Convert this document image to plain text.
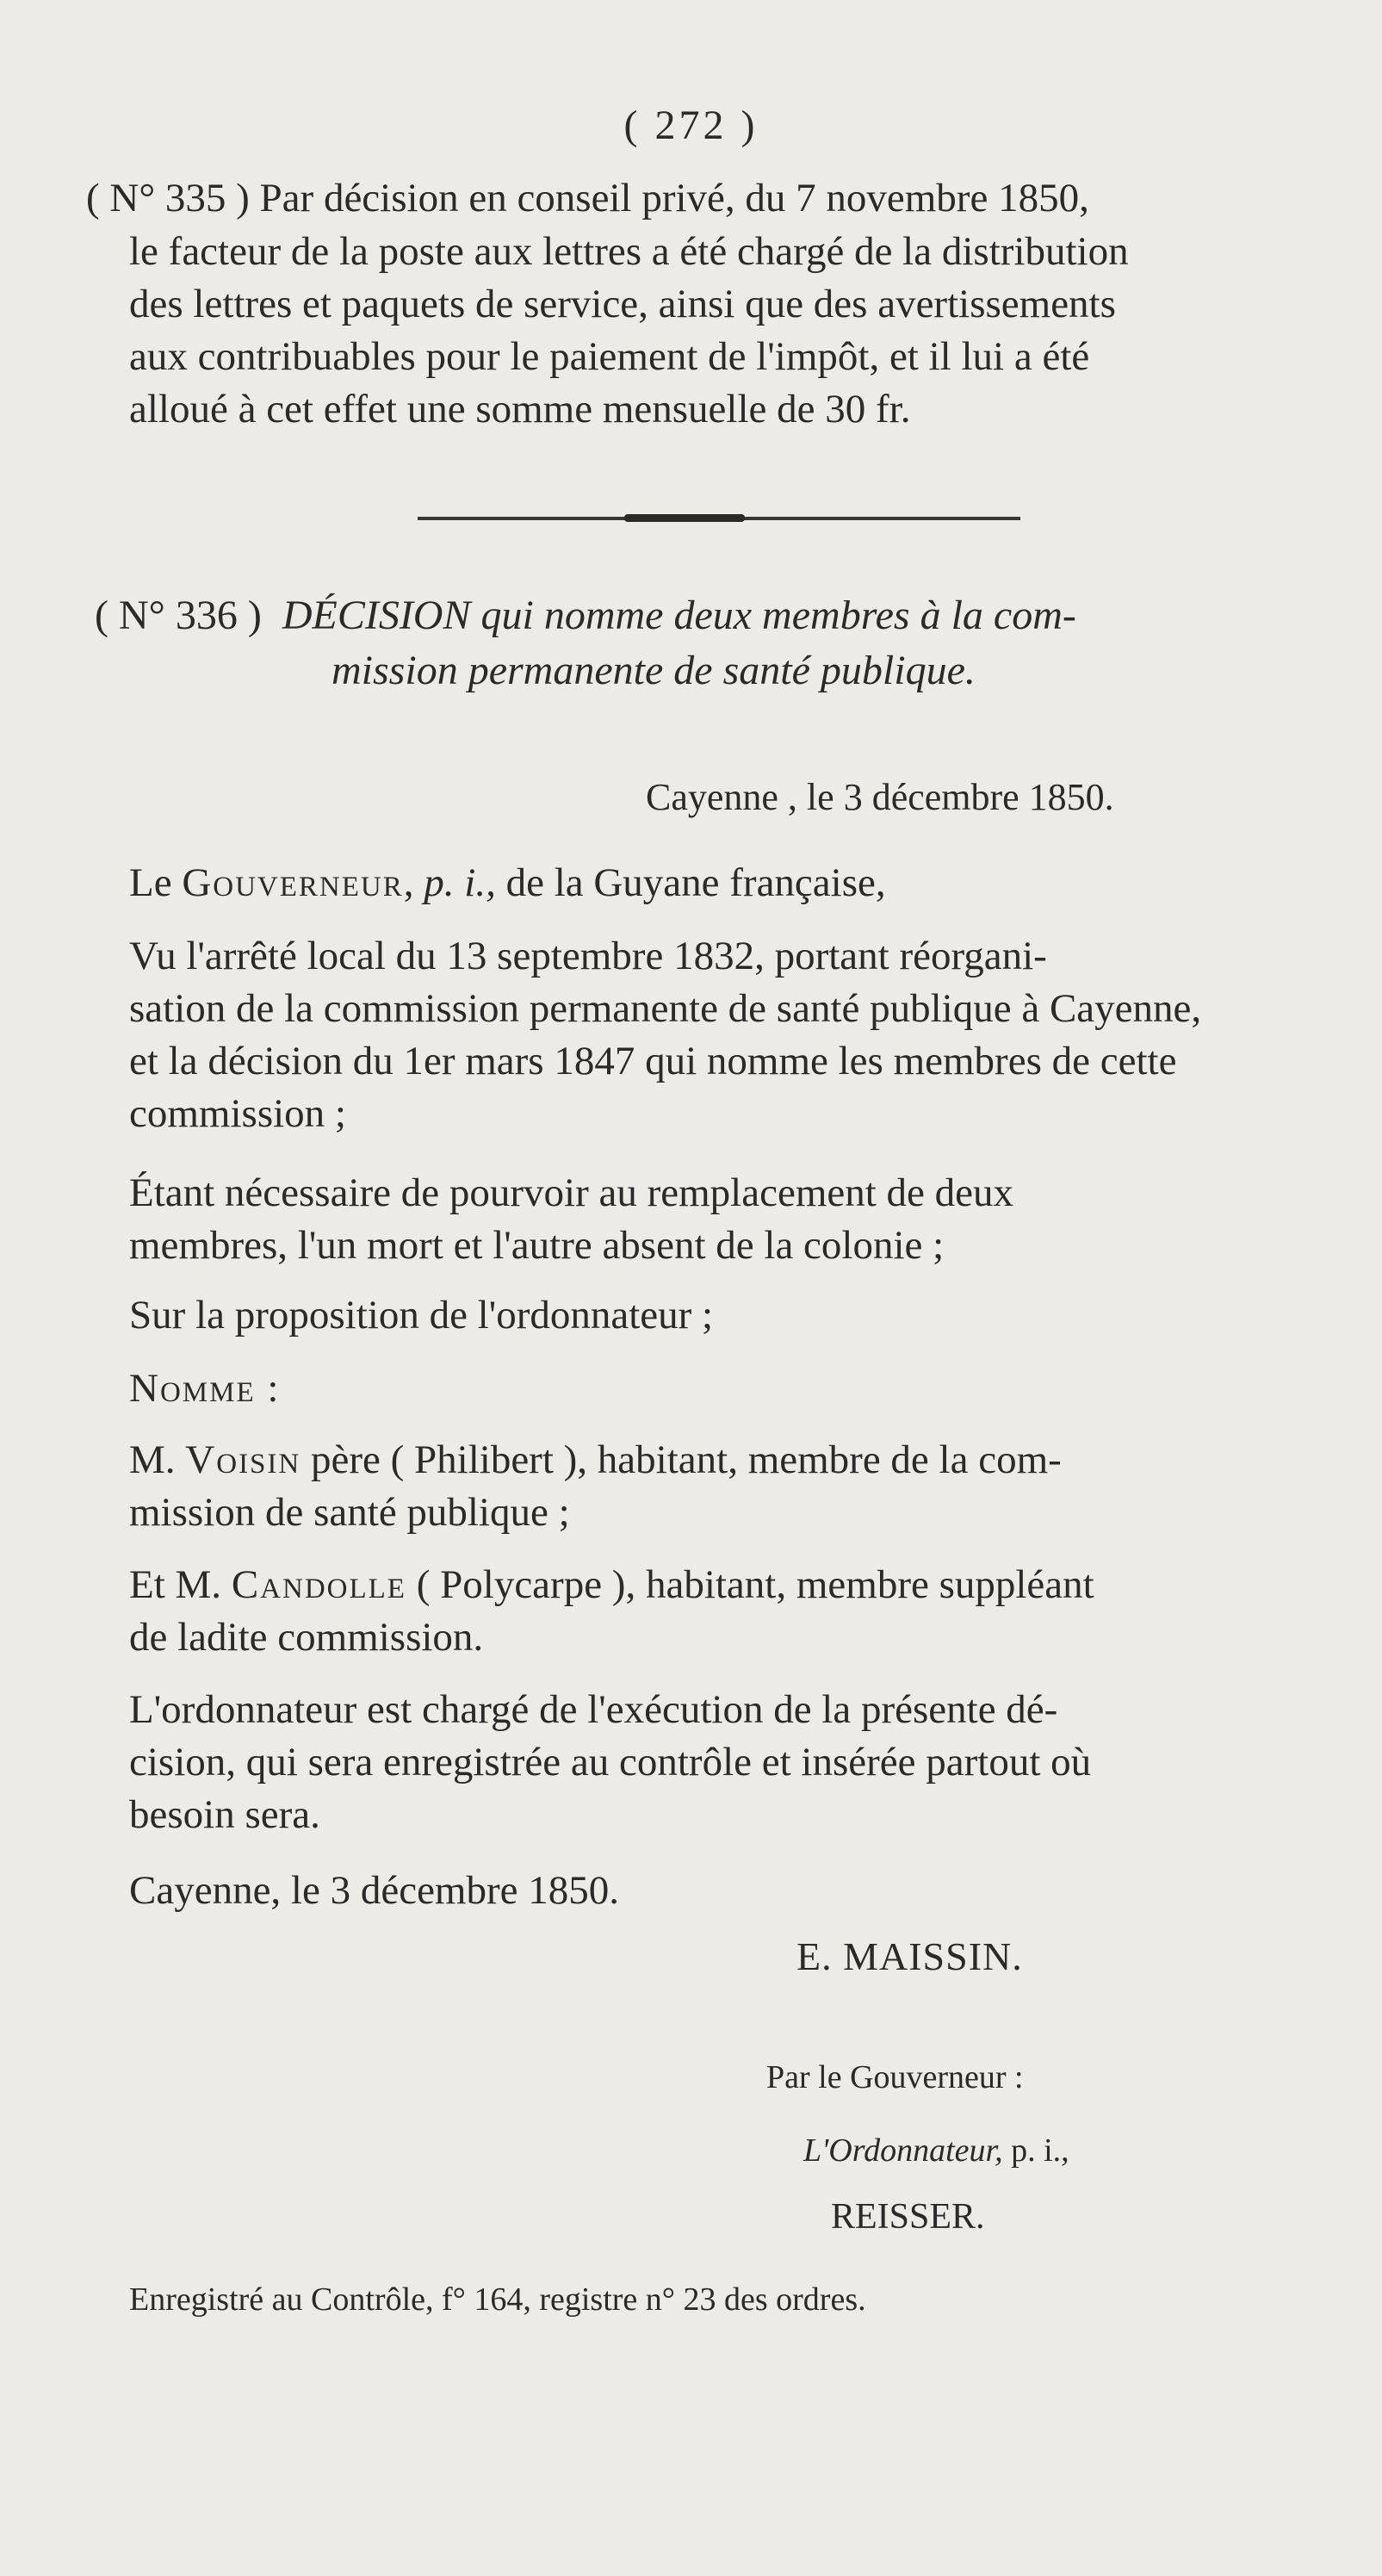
( 272 )
( N° 335 ) Par décision en conseil privé, du 7 novembre 1850,
le facteur de la poste aux lettres a été chargé de la distribution
des lettres et paquets de service, ainsi que des avertissements
aux contribuables pour le paiement de l'impôt, et il lui a été
alloué à cet effet une somme mensuelle de 30 fr.
( N° 336 ) DÉCISION qui nomme deux membres à la com-
mission permanente de santé publique.
Cayenne , le 3 décembre 1850.
Le Gouverneur, p. i., de la Guyane française,
Vu l'arrêté local du 13 septembre 1832, portant réorgani-
sation de la commission permanente de santé publique à Cayenne,
et la décision du 1er mars 1847 qui nomme les membres de cette
commission ;
Étant nécessaire de pourvoir au remplacement de deux
membres, l'un mort et l'autre absent de la colonie ;
Sur la proposition de l'ordonnateur ;
Nomme :
M. Voisin père ( Philibert ), habitant, membre de la com-
mission de santé publique ;
Et M. Candolle ( Polycarpe ), habitant, membre suppléant
de ladite commission.
L'ordonnateur est chargé de l'exécution de la présente dé-
cision, qui sera enregistrée au contrôle et insérée partout où
besoin sera.
Cayenne, le 3 décembre 1850.
E. MAISSIN.
Par le Gouverneur :
L'Ordonnateur, p. i.,
REISSER.
Enregistré au Contrôle, f° 164, registre n° 23 des ordres.
